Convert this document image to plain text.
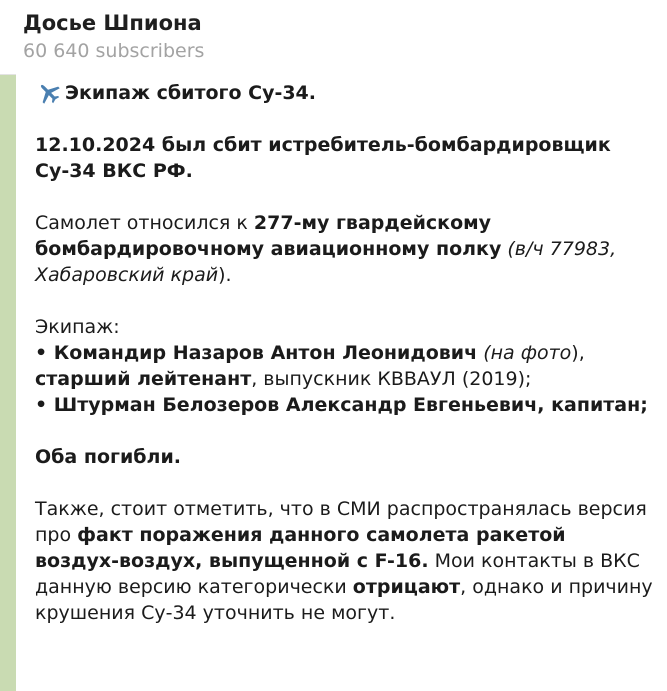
Досье Шпиона
60 640 subscribers

Экипаж сбитого Су-34.

12.10.2024 был сбит истребитель-бомбардировщик Су-34 ВКС РФ.

Самолет относился к 277-му гвардейскому бомбардировочному авиационному полку (в/ч 77983, Хабаровский край).

Экипаж:

• Командир Назаров Антон Леонидович (на фото), старший лейтенант, выпускник КВВАУЛ (2019);

• Штурман Белозеров Александр Евгеньевич, капитан;

Оба погибли.

Также, стоит отметить, что в СМИ распространялась версия про факт поражения данного самолета ракетой воздух-воздух, выпущенной с F-16. Мои контакты в ВКС данную версию категорически отрицают, однако и причину крушения Су-34 уточнить не могут.
